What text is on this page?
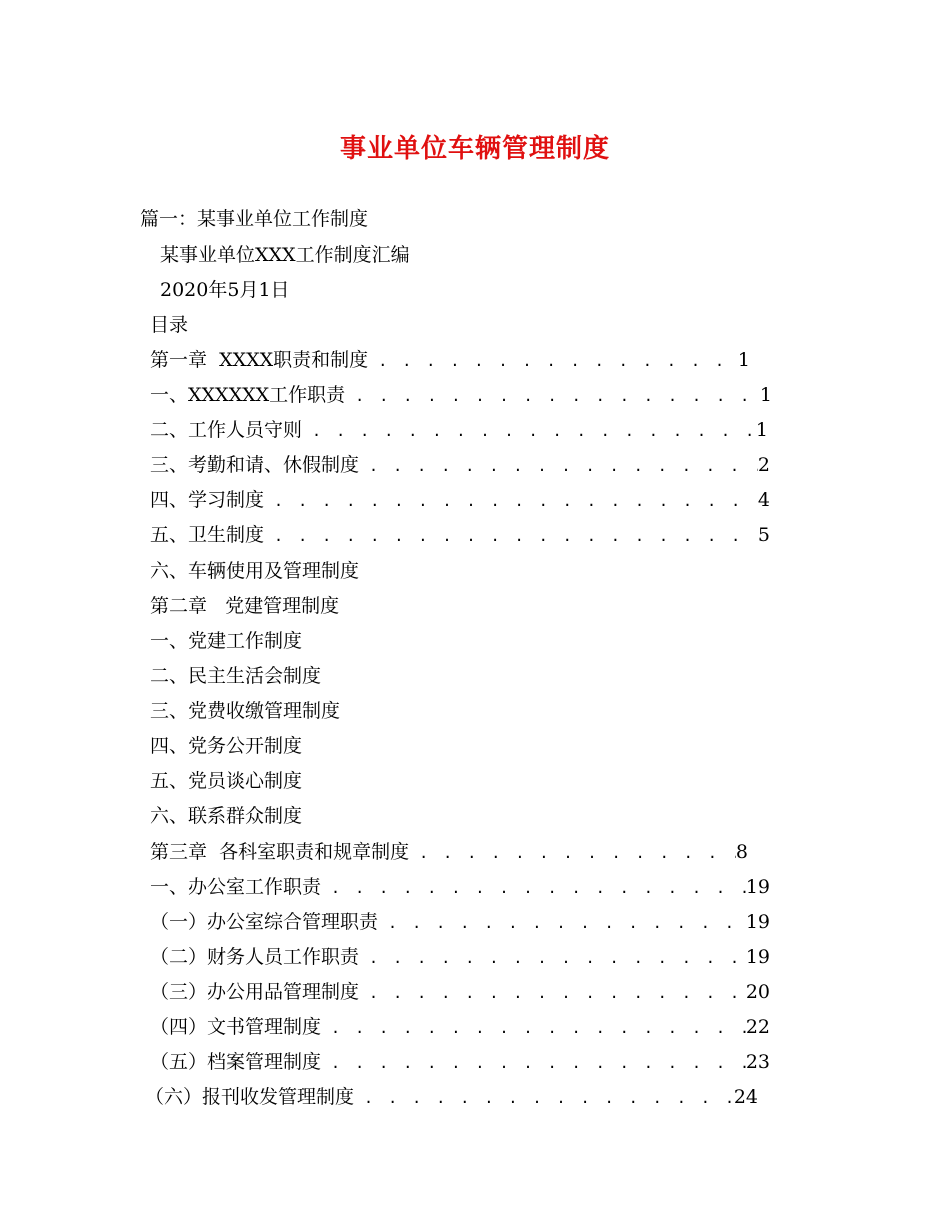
事业单位车辆管理制度
篇一：某事业单位工作制度
某事业单位XXX工作制度汇编
2020年5月1日
目录
第一章  XXXX职责和制度 . . .	1
一、XXXXXX工作职责 . . .	1
二、工作人员守则 . . .	1
三、考勤和请、休假制度 . . .	2
四、学习制度 . . .	4
五、卫生制度 . . .	5
六、车辆使用及管理制度
第二章   党建管理制度
一、党建工作制度
二、民主生活会制度
三、党费收缴管理制度
四、党务公开制度
五、党员谈心制度
六、联系群众制度
第三章  各科室职责和规章制度 . . .	8
一、办公室工作职责 . . .	19
（一）办公室综合管理职责 . . .	19
（二）财务人员工作职责 . . .	19
（三）办公用品管理制度 . . .	20
（四）文书管理制度 . . .	22
（五）档案管理制度 . . .	23
（六）报刊收发管理制度 . . .	24
